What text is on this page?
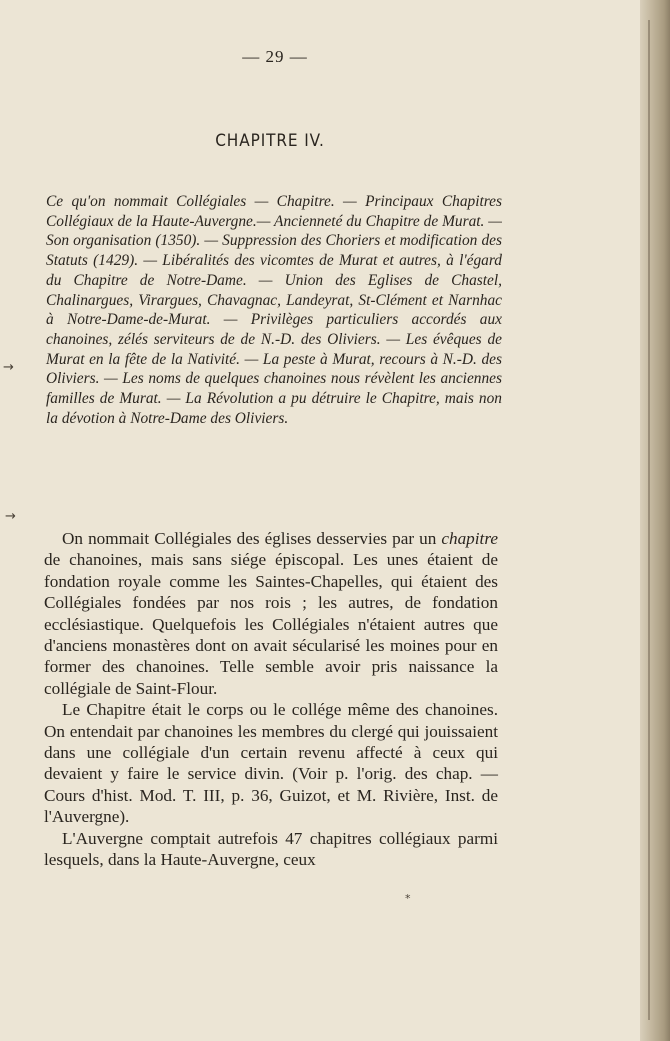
— 29 —
CHAPITRE IV.

Ce qu'on nommait Collégiales — Chapitre. — Principaux Chapitres Collégiaux de la Haute-Auvergne.— Ancienneté du Chapitre de Murat. — Son organisation (1350). — Suppression des Choriers et modification des Statuts (1429). — Libéralités des vicomtes de Murat et autres, à l'égard du Chapitre de Notre-Dame. — Union des Eglises de Chastel, Chalinargues, Virargues, Chavagnac, Landeyrat, St-Clément et Narnhac à Notre-Dame-de-Murat. — Privilèges particuliers accordés aux chanoines, zélés serviteurs de de N.-D. des Oliviers. — Les évêques de Murat en la fête de la Nativité. — La peste à Murat, recours à N.-D. des Oliviers. — Les noms de quelques chanoines nous révèlent les anciennes familles de Murat. — La Révolution a pu détruire le Chapitre, mais non la dévotion à Notre-Dame des Oliviers.

On nommait Collégiales des églises desservies par un chapitre de chanoines, mais sans siége épiscopal. Les unes étaient de fondation royale comme les Saintes-Chapelles, qui étaient des Collégiales fondées par nos rois ; les autres, de fondation ecclésiastique. Quelquefois les Collégiales n'étaient autres que d'anciens monastères dont on avait sécularisé les moines pour en former des chanoines. Telle semble avoir pris naissance la collégiale de Saint-Flour.

Le Chapitre était le corps ou le collége même des chanoines. On entendait par chanoines les membres du clergé qui jouissaient dans une collégiale d'un certain revenu affecté à ceux qui devaient y faire le service divin. (Voir p. l'orig. des chap. — Cours d'hist. Mod. T. III, p. 36, Guizot, et M. Rivière, Inst. de l'Auvergne).

L'Auvergne comptait autrefois 47 chapitres collégiaux parmi lesquels, dans la Haute-Auvergne, ceux

→
→
*
